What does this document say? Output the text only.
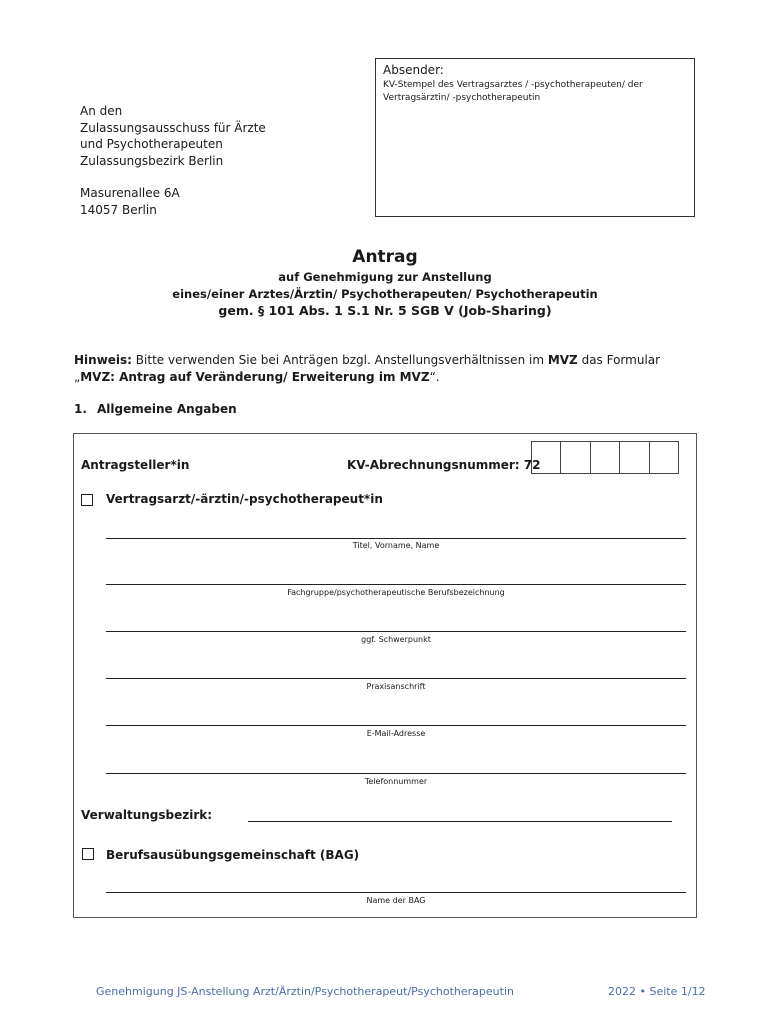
An den
Zulassungsausschuss für Ärzte
und Psychotherapeuten
Zulassungsbezirk Berlin
Masurenallee 6A
14057 Berlin
Absender:
KV-Stempel des Vertragsarztes / -psychotherapeuten/ der
Vertragsärztin/ -psychotherapeutin
Antrag
auf Genehmigung zur Anstellung
eines/einer Arztes/Ärztin/ Psychotherapeuten/ Psychotherapeutin
gem. § 101 Abs. 1 S.1 Nr. 5 SGB V (Job-Sharing)
Hinweis: Bitte verwenden Sie bei Anträgen bzgl. Anstellungsverhältnissen im MVZ das Formular „MVZ: Antrag auf Veränderung/ Erweiterung im MVZ“.
1. Allgemeine Angaben
Antragsteller*in	KV-Abrechnungsnummer: 72
Vertragsarzt/-ärztin/-psychotherapeut*in
Titel, Vorname, Name
Fachgruppe/psychotherapeutische Berufsbezeichnung
ggf. Schwerpunkt
Praxisanschrift
E-Mail-Adresse
Telefonnummer
Verwaltungsbezirk:
Berufsausübungsgemeinschaft (BAG)
Name der BAG
Genehmigung JS-Anstellung Arzt/Ärztin/Psychotherapeut/Psychotherapeutin	2022 • Seite 1/12
